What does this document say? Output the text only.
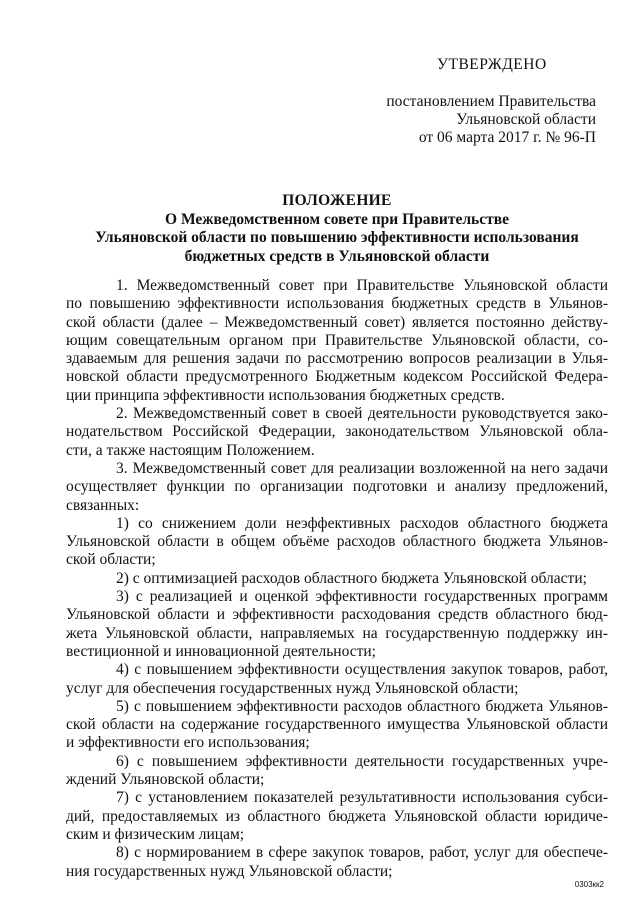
УТВЕРЖДЕНО
постановлением Правительства
Ульяновской области
от 06 марта 2017 г. № 96-П
ПОЛОЖЕНИЕ
О Межведомственном совете при Правительстве
Ульяновской области по повышению эффективности использования
бюджетных средств в Ульяновской области
1. Межведомственный совет при Правительстве Ульяновской области
по повышению эффективности использования бюджетных средств в Ульянов-
ской области (далее – Межведомственный совет) является постоянно действу-
ющим совещательным органом при Правительстве Ульяновской области, со-
здаваемым для решения задачи по рассмотрению вопросов реализации в Улья-
новской области предусмотренного Бюджетным кодексом Российской Федера-
ции принципа эффективности использования бюджетных средств.
2. Межведомственный совет в своей деятельности руководствуется зако-
нодательством Российской Федерации, законодательством Ульяновской обла-
сти, а также настоящим Положением.
3. Межведомственный совет для реализации возложенной на него задачи
осуществляет функции по организации подготовки и анализу предложений,
связанных:
1) со снижением доли неэффективных расходов областного бюджета
Ульяновской области в общем объёме расходов областного бюджета Ульянов-
ской области;
2) с оптимизацией расходов областного бюджета Ульяновской области;
3) с реализацией и оценкой эффективности государственных программ
Ульяновской области и эффективности расходования средств областного бюд-
жета Ульяновской области, направляемых на государственную поддержку ин-
вестиционной и инновационной деятельности;
4) с повышением эффективности осуществления закупок товаров, работ,
услуг для обеспечения государственных нужд Ульяновской области;
5) с повышением эффективности расходов областного бюджета Ульянов-
ской области на содержание государственного имущества Ульяновской области
и эффективности его использования;
6) с повышением эффективности деятельности государственных учре-
ждений Ульяновской области;
7) с установлением показателей результативности использования субси-
дий, предоставляемых из областного бюджета Ульяновской области юридиче-
ским и физическим лицам;
8) с нормированием в сфере закупок товаров, работ, услуг для обеспече-
ния государственных нужд Ульяновской области;
0303кк2
